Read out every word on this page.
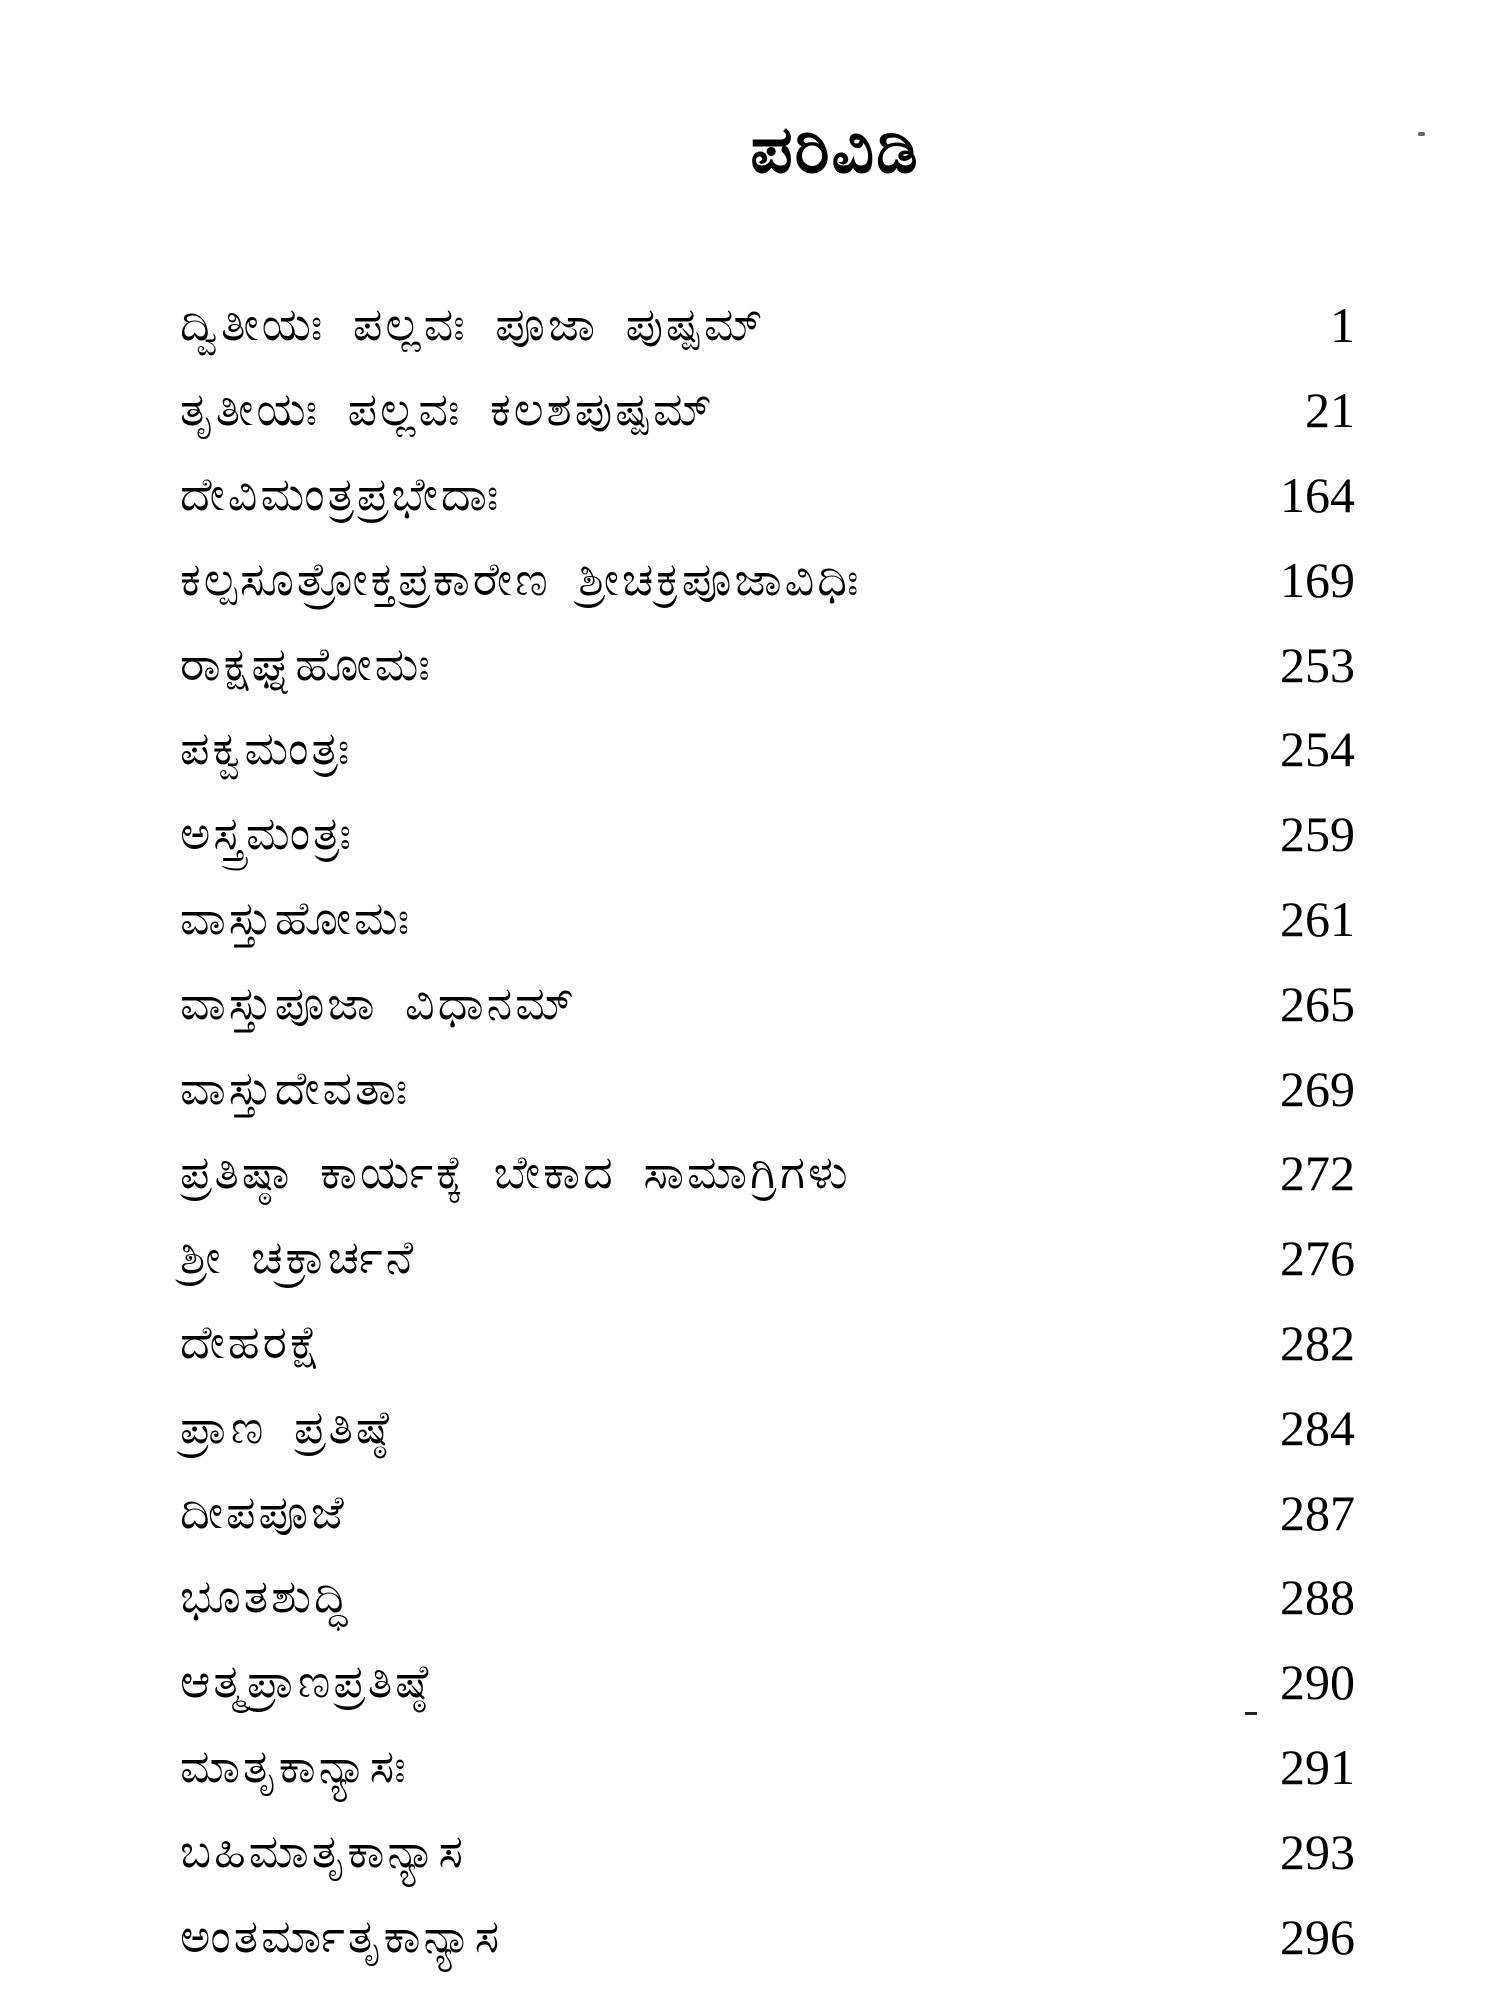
ಪರಿವಿಡಿ
ದ್ವಿತೀಯಃ ಪಲ್ಲವಃ ಪೂಜಾ ಪುಷ್ಪಮ್	1
ತೃತೀಯಃ ಪಲ್ಲವಃ ಕಲಶಪುಷ್ಪಮ್	21
ದೇವಿಮಂತ್ರಪ್ರಭೇದಾಃ	164
ಕಲ್ಪಸೂತ್ರೋಕ್ತಪ್ರಕಾರೇಣ ಶ್ರೀಚಕ್ರಪೂಜಾವಿಧಿಃ	169
ರಾಕ್ಷಘ್ನಹೋಮಃ	253
ಪಕ್ವಮಂತ್ರಃ	254
ಅಸ್ತ್ರಮಂತ್ರಃ	259
ವಾಸ್ತುಹೋಮಃ	261
ವಾಸ್ತುಪೂಜಾ ವಿಧಾನಮ್	265
ವಾಸ್ತುದೇವತಾಃ	269
ಪ್ರತಿಷ್ಠಾ ಕಾರ್ಯಕ್ಕೆ ಬೇಕಾದ ಸಾಮಾಗ್ರಿಗಳು	272
ಶ್ರೀ ಚಕ್ರಾರ್ಚನೆ	276
ದೇಹರಕ್ಷೆ	282
ಪ್ರಾಣ ಪ್ರತಿಷ್ಠೆ	284
ದೀಪಪೂಜೆ	287
ಭೂತಶುದ್ಧಿ	288
ಆತ್ಮಪ್ರಾಣಪ್ರತಿಷ್ಠೆ	290
ಮಾತೃಕಾನ್ಯಾಸಃ	291
ಬಹಿಮಾತೃಕಾನ್ಯಾಸ	293
ಅಂತರ್ಮಾತೃಕಾನ್ಯಾಸ	296
